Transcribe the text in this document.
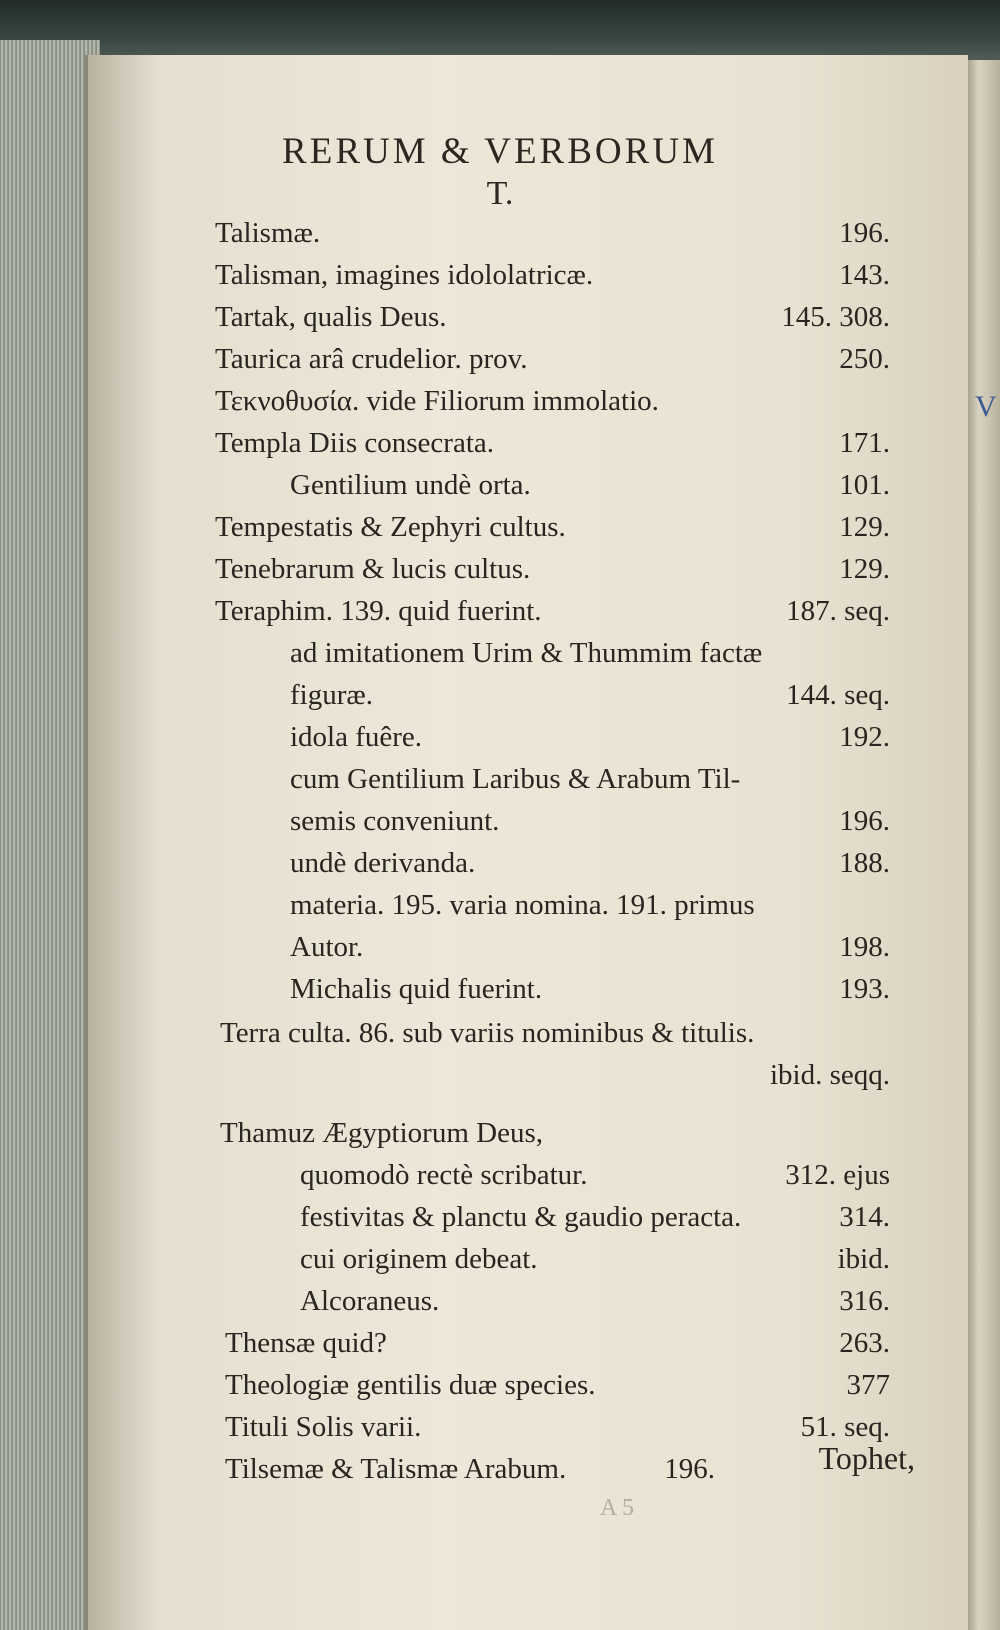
V
RERUM & VERBORUM
T.
Talismæ.	196.
Talisman, imagines idololatricæ.	143.
Tartak, qualis Deus.	145. 308.
Taurica arâ crudelior. prov.	250.
Τεκνοθυσία. vide Filiorum immolatio.
Templa Diis consecrata.	171.
Gentilium undè orta.	101.
Tempestatis & Zephyri cultus.	129.
Tenebrarum & lucis cultus.	129.
Teraphim. 139. quid fuerint.	187. seq.
ad imitationem Urim & Thummim factæ
figuræ.	144. seq.
idola fuêre.	192.
cum Gentilium Laribus & Arabum Til-
semis conveniunt.	196.
undè derivanda.	188.
materia. 195. varia nomina. 191. primus
Autor.	198.
Michalis quid fuerint.	193.
Terra culta. 86. sub variis nominibus & titulis.
ibid. seqq.
Thamuz Ægyptiorum Deus,
quomodò rectè scribatur.	312. ejus
festivitas & planctu & gaudio peracta.	314.
cui originem debeat.	ibid.
Alcoraneus.	316.
Thensæ quid?	263.
Theologiæ gentilis duæ species.	377
Tituli Solis varii.	51. seq.
Tilsemæ & Talismæ Arabum.	196.	Tophet,
A 5
